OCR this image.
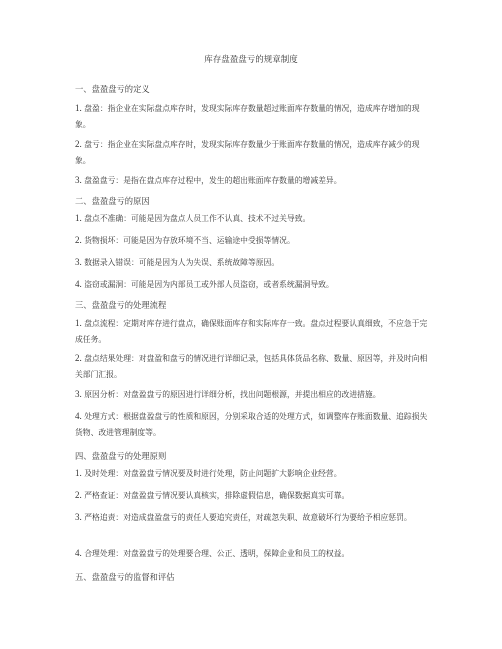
库存盘盈盘亏的规章制度
一、盘盈盘亏的定义
1. 盘盈：指企业在实际盘点库存时，发现实际库存数量超过账面库存数量的情况，造成库存增加的现象。
2. 盘亏：指企业在实际盘点库存时，发现实际库存数量少于账面库存数量的情况，造成库存减少的现象。
3. 盘盈盘亏：是指在盘点库存过程中，发生的超出账面库存数量的增减差异。
二、盘盈盘亏的原因
1. 盘点不准确：可能是因为盘点人员工作不认真、技术不过关导致。
2. 货物损坏：可能是因为存放环境不当、运输途中受损等情况。
3. 数据录入错误：可能是因为人为失误、系统故障等原因。
4. 盗窃或漏洞：可能是因为内部员工或外部人员盗窃，或者系统漏洞导致。
三、盘盈盘亏的处理流程
1. 盘点流程：定期对库存进行盘点，确保账面库存和实际库存一致。盘点过程要认真细致，不应急于完成任务。
2. 盘点结果处理：对盘盈和盘亏的情况进行详细记录，包括具体货品名称、数量、原因等，并及时向相关部门汇报。
3. 原因分析：对盘盈盘亏的原因进行详细分析，找出问题根源，并提出相应的改进措施。
4. 处理方式：根据盘盈盘亏的性质和原因，分别采取合适的处理方式，如调整库存账面数量、追踪损失货物、改进管理制度等。
四、盘盈盘亏的处理原则
1. 及时处理：对盘盈盘亏情况要及时进行处理，防止问题扩大影响企业经营。
2. 严格查证：对盘盈盘亏情况要认真核实，排除虚假信息，确保数据真实可靠。
3. 严格追责：对造成盘盈盘亏的责任人要追究责任，对疏忽失职、故意破坏行为要给予相应惩罚。
4. 合理处理：对盘盈盘亏的处理要合理、公正、透明，保障企业和员工的权益。
五、盘盈盘亏的监督和评估
